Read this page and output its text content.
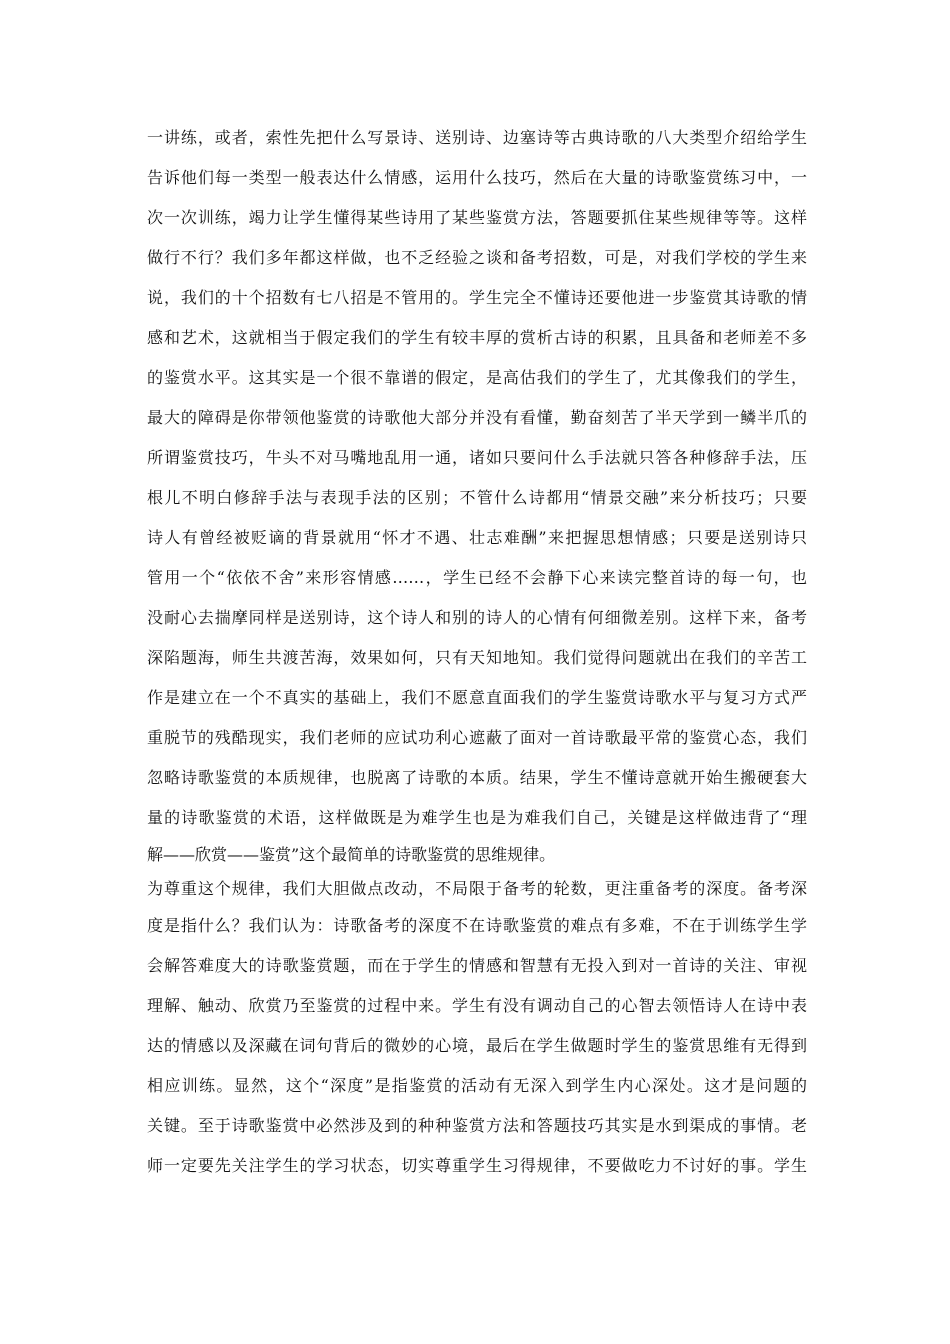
一讲练，或者，索性先把什么写景诗、送别诗、边塞诗等古典诗歌的八大类型介绍给学生
告诉他们每一类型一般表达什么情感，运用什么技巧，然后在大量的诗歌鉴赏练习中，一
次一次训练，竭力让学生懂得某些诗用了某些鉴赏方法，答题要抓住某些规律等等。这样
做行不行？我们多年都这样做，也不乏经验之谈和备考招数，可是，对我们学校的学生来
说，我们的十个招数有七八招是不管用的。学生完全不懂诗还要他进一步鉴赏其诗歌的情
感和艺术，这就相当于假定我们的学生有较丰厚的赏析古诗的积累，且具备和老师差不多
的鉴赏水平。这其实是一个很不靠谱的假定，是高估我们的学生了，尤其像我们的学生，
最大的障碍是你带领他鉴赏的诗歌他大部分并没有看懂，勤奋刻苦了半天学到一鳞半爪的
所谓鉴赏技巧，牛头不对马嘴地乱用一通，诸如只要问什么手法就只答各种修辞手法，压
根儿不明白修辞手法与表现手法的区别；不管什么诗都用“情景交融”来分析技巧；只要
诗人有曾经被贬谪的背景就用“怀才不遇、壮志难酬”来把握思想情感；只要是送别诗只
管用一个“依依不舍”来形容情感……，学生已经不会静下心来读完整首诗的每一句，也
没耐心去揣摩同样是送别诗，这个诗人和别的诗人的心情有何细微差别。这样下来，备考
深陷题海，师生共渡苦海，效果如何，只有天知地知。我们觉得问题就出在我们的辛苦工
作是建立在一个不真实的基础上，我们不愿意直面我们的学生鉴赏诗歌水平与复习方式严
重脱节的残酷现实，我们老师的应试功利心遮蔽了面对一首诗歌最平常的鉴赏心态，我们
忽略诗歌鉴赏的本质规律，也脱离了诗歌的本质。结果，学生不懂诗意就开始生搬硬套大
量的诗歌鉴赏的术语，这样做既是为难学生也是为难我们自己，关键是这样做违背了“理
解——欣赏——鉴赏”这个最简单的诗歌鉴赏的思维规律。
为尊重这个规律，我们大胆做点改动，不局限于备考的轮数，更注重备考的深度。备考深
度是指什么？我们认为：诗歌备考的深度不在诗歌鉴赏的难点有多难，不在于训练学生学
会解答难度大的诗歌鉴赏题，而在于学生的情感和智慧有无投入到对一首诗的关注、审视
理解、触动、欣赏乃至鉴赏的过程中来。学生有没有调动自己的心智去领悟诗人在诗中表
达的情感以及深藏在词句背后的微妙的心境，最后在学生做题时学生的鉴赏思维有无得到
相应训练。显然，这个“深度”是指鉴赏的活动有无深入到学生内心深处。这才是问题的
关键。至于诗歌鉴赏中必然涉及到的种种鉴赏方法和答题技巧其实是水到渠成的事情。老
师一定要先关注学生的学习状态，切实尊重学生习得规律，不要做吃力不讨好的事。学生
